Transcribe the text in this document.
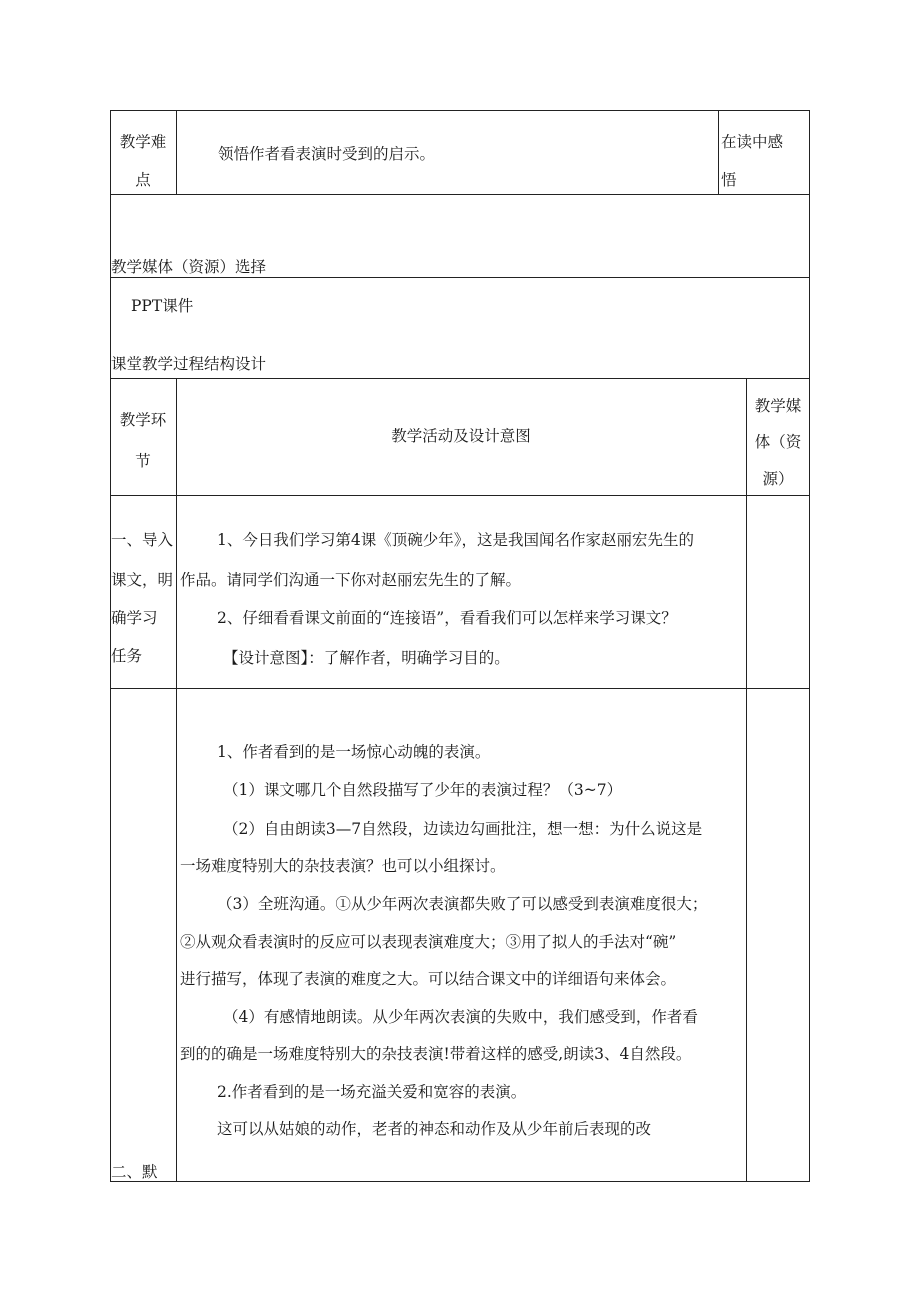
教学难
点
领悟作者看表演时受到的启示。
在读中感
悟
教学媒体（资源）选择
PPT课件
课堂教学过程结构设计
教学环
节
教学活动及设计意图
教学媒
体（资
源）
一、导入
课文，明
确学习
任务
1、今日我们学习第4课《顶碗少年》，这是我国闻名作家赵丽宏先生的
作品。请同学们沟通一下你对赵丽宏先生的了解。
2、仔细看看课文前面的“连接语”，看看我们可以怎样来学习课文？
【设计意图】：了解作者，明确学习目的。
1、作者看到的是一场惊心动魄的表演。
（1）课文哪几个自然段描写了少年的表演过程？（3~7）
（2）自由朗读3—7自然段，边读边勾画批注，想一想：为什么说这是
一场难度特别大的杂技表演？也可以小组探讨。
（3）全班沟通。①从少年两次表演都失败了可以感受到表演难度很大；
②从观众看表演时的反应可以表现表演难度大；③用了拟人的手法对“碗”
进行描写，体现了表演的难度之大。可以结合课文中的详细语句来体会。
（4）有感情地朗读。从少年两次表演的失败中，我们感受到，作者看
到的的确是一场难度特别大的杂技表演!带着这样的感受,朗读3、4自然段。
2.作者看到的是一场充溢关爱和宽容的表演。
这可以从姑娘的动作，老者的神态和动作及从少年前后表现的改
二、默
